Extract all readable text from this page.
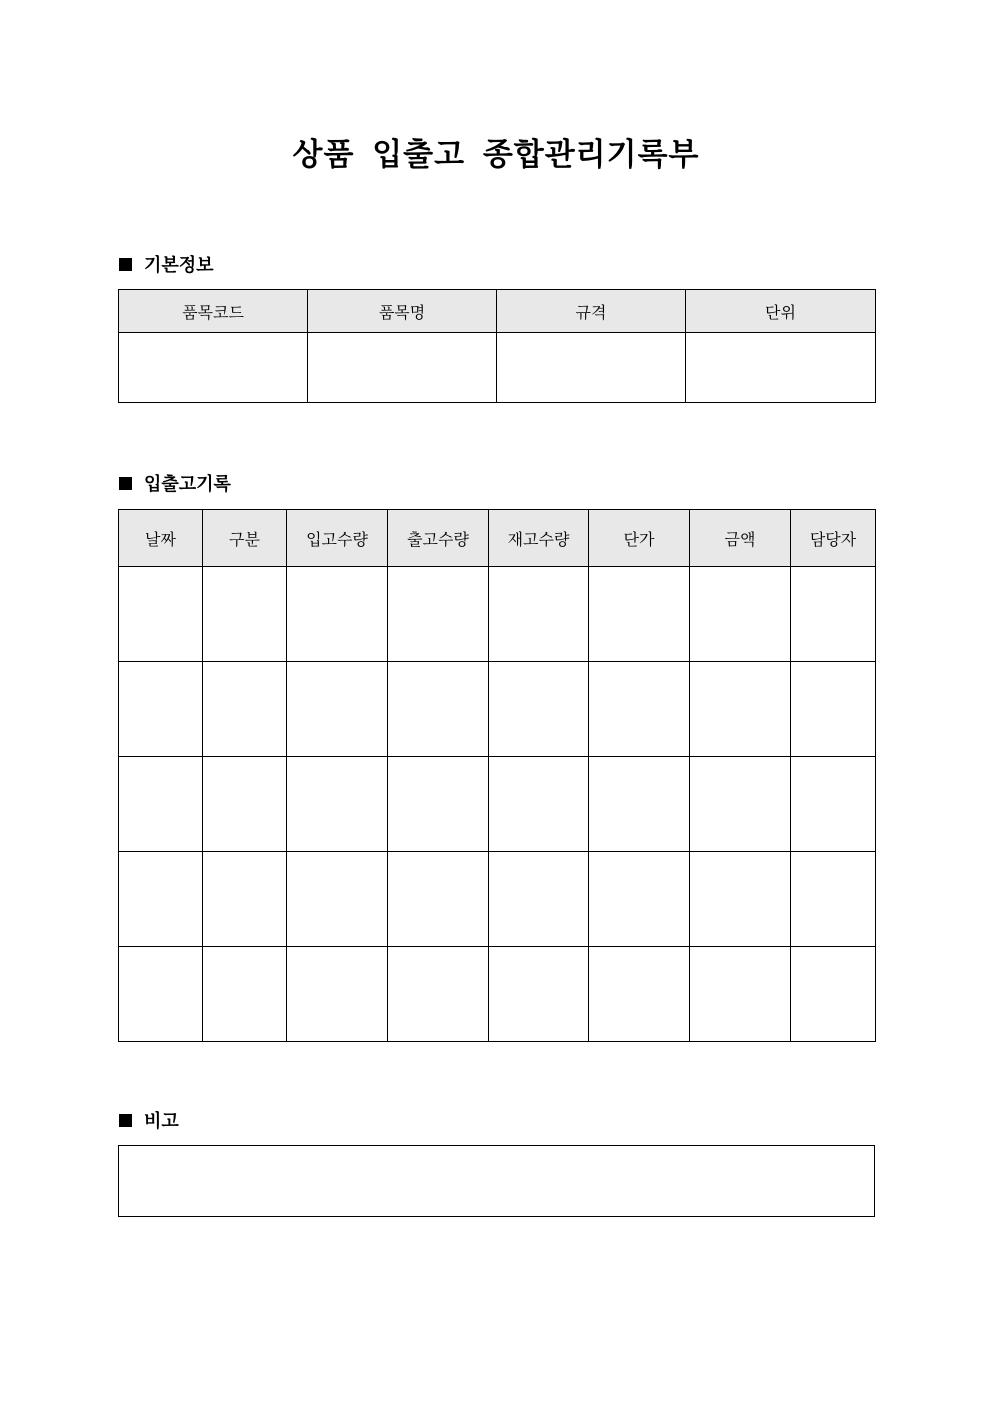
상품 입출고 종합관리기록부
기본정보
품목코드	품목명	규격	단위

입출고기록
날짜	구분	입고수량	출고수량	재고수량	단가	금액	담당자

비고
